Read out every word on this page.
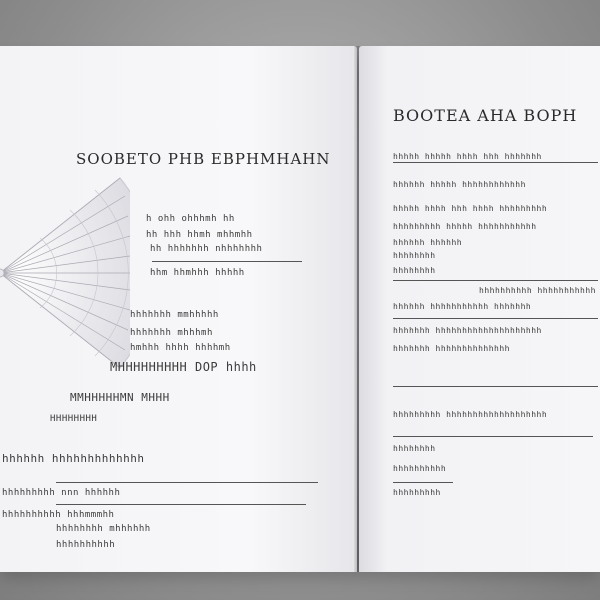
SOOBETO PHB EBPHMHAHN
h ohh ohhhmh hh
hh hhh hhmh mhhmhh
hh hhhhhhh nhhhhhhh
hhm hhmhhh hhhhh
hhhhhhh mmhhhhh
hhhhhhh mhhhmh
hmhhh hhhh hhhhmh
MHHHHHHHHH DOP hhhh
MMHHHHHMN MHHH
HHHHHHHH
hhhhhh hhhhhhhhhhhhh
hhhhhhhhh nnn hhhhhh
hhhhhhhhhh hhhmmmhh
hhhhhhhh mhhhhhh
hhhhhhhhhh
BOOTEA AHA BOPH
hhhhh hhhhh hhhh hhh hhhhhhh
hhhhhh hhhhh hhhhhhhhhhhh
hhhhh hhhh hhh hhhh hhhhhhhhh
hhhhhhhhh hhhhh hhhhhhhhhhh
hhhhhh hhhhhh
hhhhhhhh
hhhhhhhh
hhhhhhhhhh hhhhhhhhhhh
hhhhhh hhhhhhhhhhh hhhhhhh
hhhhhhh hhhhhhhhhhhhhhhhhhhh
hhhhhhh hhhhhhhhhhhhhh
hhhhhhhhh hhhhhhhhhhhhhhhhhhh
hhhhhhhh
hhhhhhhhhh
hhhhhhhhh
